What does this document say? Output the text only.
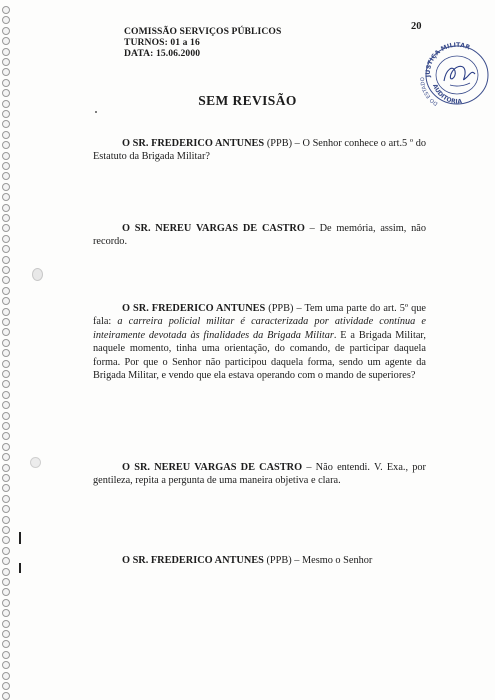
COMISSÃO SERVIÇOS PÚBLICOS
TURNOS: 01 a 16
DATA: 15.06.2000
20
JUSTIÇA MILITAR
AUDITORIA
DO ESTADO
SEM REVISÃO
O SR. FREDERICO ANTUNES (PPB) – O Senhor conhece o art.5 º do Estatuto da Brigada Militar?
O SR. NEREU VARGAS DE CASTRO – De memória, assim, não recordo.
O SR. FREDERICO ANTUNES (PPB) – Tem uma parte do art. 5º que fala: a carreira policial militar é caracterizada por atividade contínua e inteiramente devotada às finalidades da Brigada Militar. E a Brigada Militar, naquele momento, tinha uma orientação, do comando, de participar daquela forma. Por que o Senhor não participou daquela forma, sendo um agente da Brigada Militar, e vendo que ela estava operando com o mando de superiores?
O SR. NEREU VARGAS DE CASTRO – Não entendi. V. Exa., por gentileza, repita a pergunta de uma maneira objetiva e clara.
O SR. FREDERICO ANTUNES (PPB) – Mesmo o Senhor
